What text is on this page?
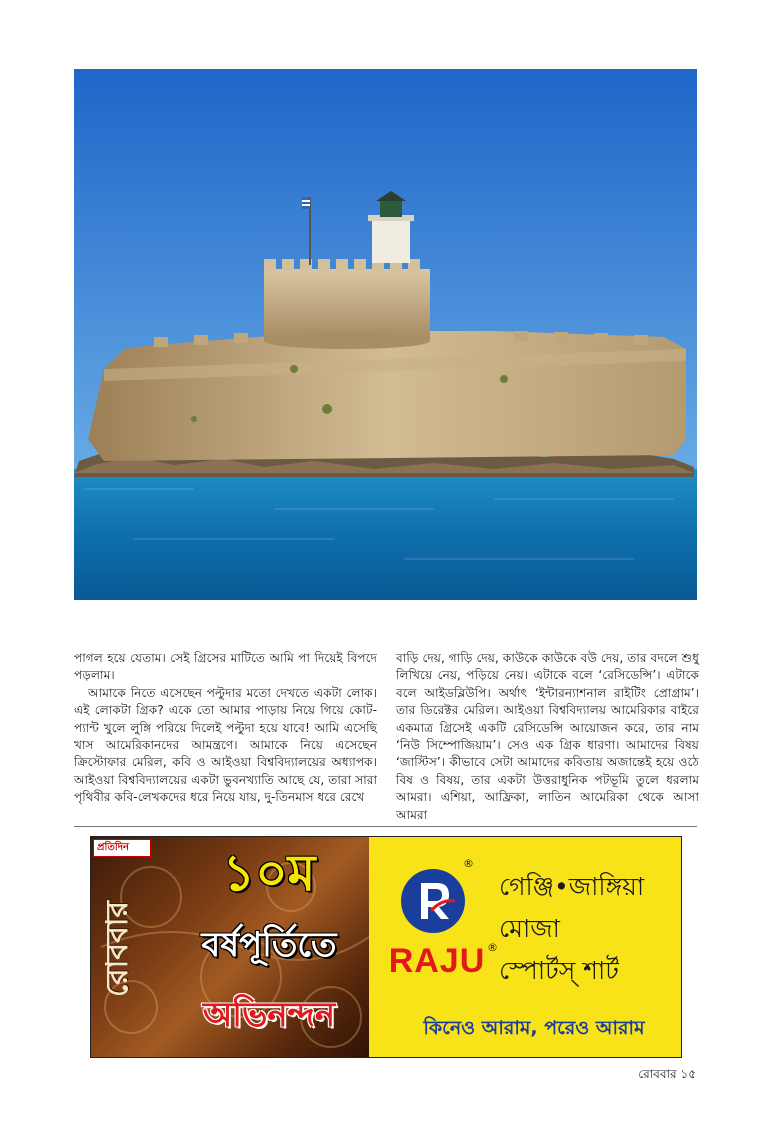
পাগল হয়ে যেতাম। সেই গ্রিসের মাটিতে আমি পা দিয়েই বিপদে পড়লাম।

আমাকে নিতে এসেছেন পল্টুদার মতো দেখতে একটা লোক। এই লোকটা গ্রিক? একে তো আমার পাড়ায় নিয়ে গিয়ে কোট-প্যান্ট খুলে লুঙ্গি পরিয়ে দিলেই পল্টুদা হয়ে যাবে! আমি এসেছি খাস আমেরিকানদের আমন্ত্রণে। আমাকে নিয়ে এসেছেন ক্রিস্টোফার মেরিল, কবি ও আইওয়া বিশ্ববিদ্যালয়ের অধ্যাপক। আইওয়া বিশ্ববিদ্যালয়ের একটা ভুবনখ্যাতি আছে যে, তারা সারা পৃথিবীর কবি-লেখকদের ধরে নিয়ে যায়, দু-তিনমাস ধরে রেখে

বাড়ি দেয়, গাড়ি দেয়, কাউকে কাউকে বউ দেয়, তার বদলে শুধু লিখিয়ে নেয়, পড়িয়ে নেয়। এটাকে বলে ‘রেসিডেন্সি’। এটাকে বলে আইডব্লিউপি। অর্থাৎ ‘ইন্টারন্যাশনাল রাইটিং প্রোগ্রাম’। তার ডিরেক্টর মেরিল। আইওয়া বিশ্ববিদ্যালয় আমেরিকার বাইরে একমাত্র গ্রিসেই একটি রেসিডেন্সি আয়োজন করে, তার নাম ‘নিউ সিম্পোজিয়াম’। সেও এক গ্রিক ধারণা। আমাদের বিষয় ‘জাস্টিস’। কীভাবে সেটা আমাদের কবিতায় অজান্তেই হয়ে ওঠে বিষ ও বিষয়, তার একটা উত্তরাধুনিক পটভূমি তুলে ধরলাম আমরা। এশিয়া, আফ্রিকা, লাতিন আমেরিকা থেকে আসা আমরা

প্রতিদিন
রোববার
১০ম
বর্ষপূর্তিতে
অভিনন্দন
®
®
RAJU
গেঞ্জি•জাঙ্গিয়া
মোজা
স্পোর্টস্ শার্ট
কিনেও আরাম, পরেও আরাম
রোববার ১৫
